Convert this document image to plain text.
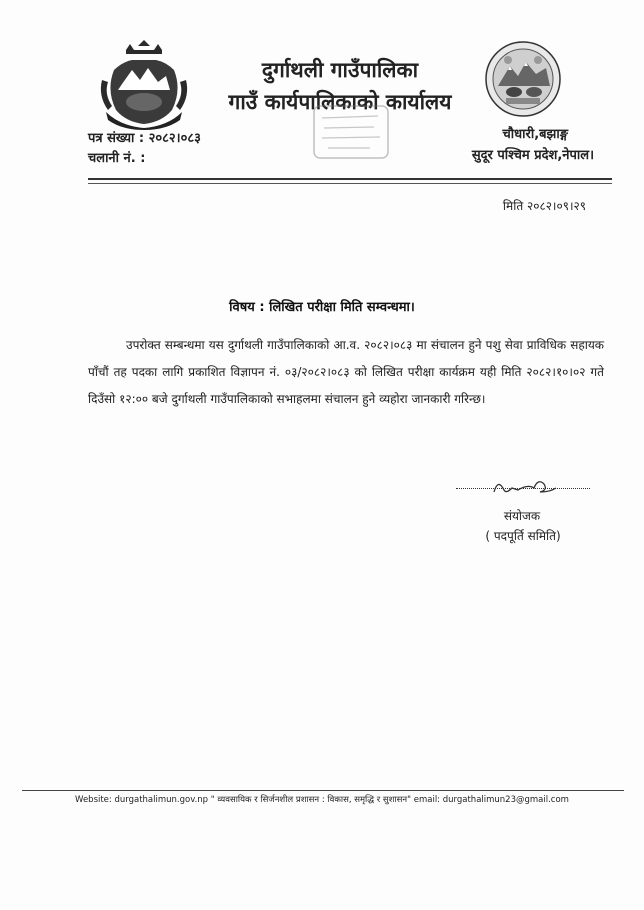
दुर्गाथली गाउँपालिका
गाउँ कार्यपालिकाको कार्यालय
पत्र संख्या : २०८२।०८३
चलानी नं. :
चौधारी,बझाङ्ग
सुदूर पश्चिम प्रदेश,नेपाल।
मिति २०८२।०९।२९
विषय : लिखित परीक्षा मिति सम्वन्धमा।
उपरोक्त सम्बन्धमा यस दुर्गाथली गाउँपालिकाको आ.व. २०८२।०८३ मा संचालन हुने पशु सेवा प्राविधिक सहायक पाँचौं तह पदका लागि प्रकाशित विज्ञापन नं. ०३/२०८२।०८३ को लिखित परीक्षा कार्यक्रम यही मिति २०८२।१०।०२ गते दिउँसो १२:०० बजे दुर्गाथली गाउँपालिकाको सभाहलमा संचालन हुने व्यहोरा जानकारी गरिन्छ।
संयोजक
( पदपूर्ति समिति)
Website: durgathalimun.gov.np " व्यवसायिक र सिर्जनशील प्रशासन : विकास, समृद्धि र सुशासन" email: durgathalimun23@gmail.com
